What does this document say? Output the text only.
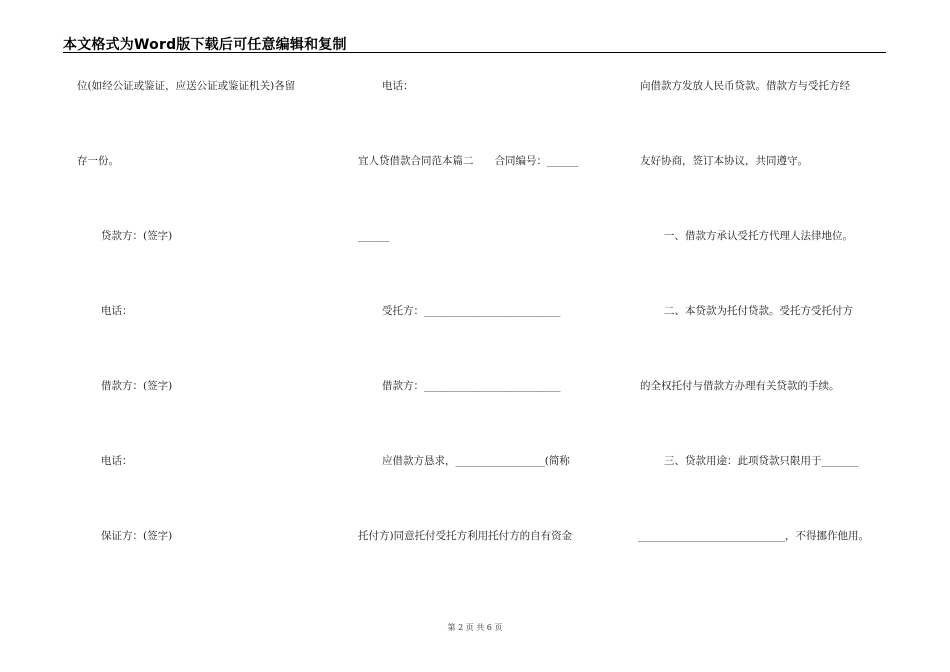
本文格式为Word版下载后可任意编辑和复制
位(如经公证或鉴证，应送公证或鉴证机关)各留
存一份。
贷款方：(签字)
电话：
借款方：(签字)
电话：
保证方：(签字)
电话：
宜人贷借款合同范本篇二　　合同编号：______
______
受托方：__________________________
借款方：__________________________
应借款方恳求，_________________(简称
托付方)同意托付受托方利用托付方的自有资金
向借款方发放人民币贷款。借款方与受托方经
友好协商，签订本协议，共同遵守。
一、借款方承认受托方代理人法律地位。
二、本贷款为托付贷款。受托方受托付方
的全权托付与借款方办理有关贷款的手续。
三、贷款用途：此项贷款只限用于_______
____________________________，不得挪作他用。
第 2 页 共 6 页
